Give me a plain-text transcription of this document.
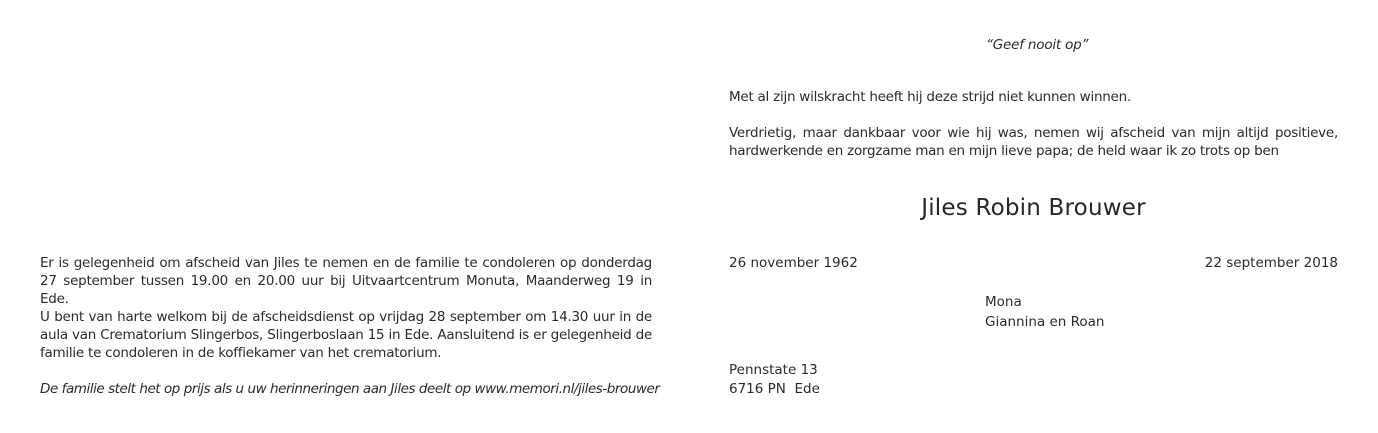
Er is gelegenheid om afscheid van Jiles te nemen en de familie te condoleren op donderdag 27 september tussen 19.00 en 20.00 uur bij Uitvaartcentrum Monuta, Maanderweg 19 in Ede.

U bent van harte welkom bij de afscheidsdienst op vrijdag 28 september om 14.30 uur in de aula van Crematorium Slingerbos, Slingerboslaan 15 in Ede. Aansluitend is er gelegenheid de familie te condoleren in de koffiekamer van het crematorium.

De familie stelt het op prijs als u uw herinneringen aan Jiles deelt op www.memori.nl/jiles-brouwer

“Geef nooit op”

Met al zijn wilskracht heeft hij deze strijd niet kunnen winnen.

Verdrietig, maar dankbaar voor wie hij was, nemen wij afscheid van mijn altijd positieve, hardwerkende en zorgzame man en mijn lieve papa; de held waar ik zo trots op ben

Jiles Robin Brouwer
26 november 1962	22 september 2018
Mona
Giannina en Roan
Pennstate 13
6716 PN  Ede
